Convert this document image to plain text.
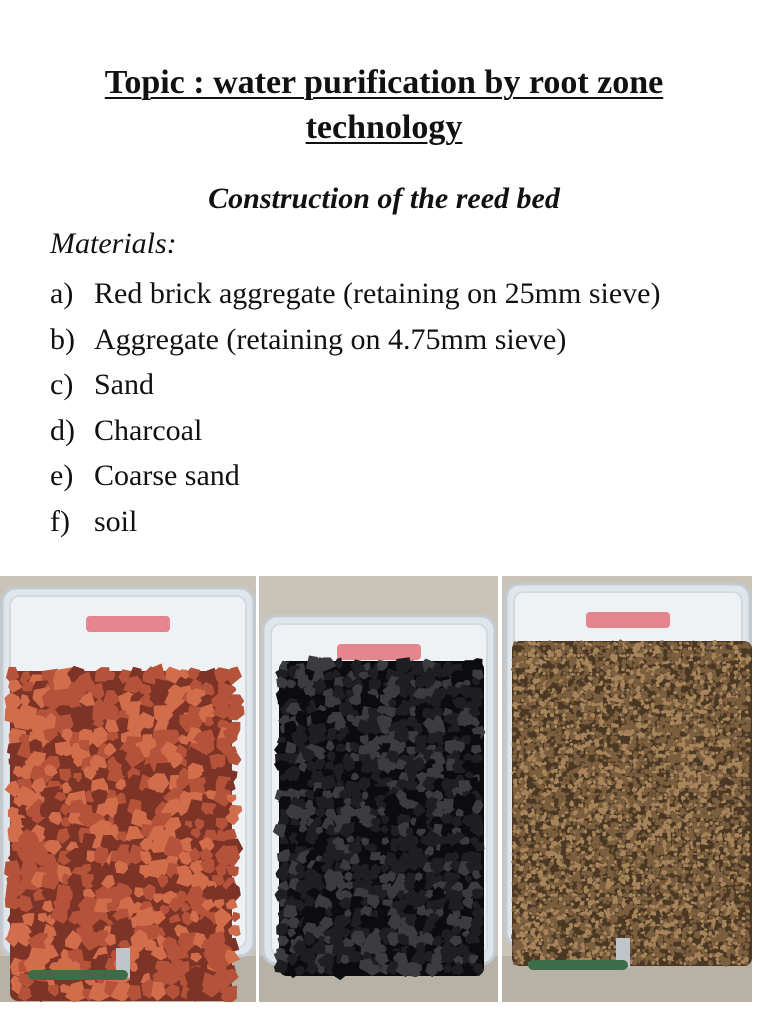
Topic : water purification by root zone technology
Construction of the reed bed
Materials:
a) Red brick aggregate (retaining on 25mm sieve)
b) Aggregate (retaining on 4.75mm sieve)
c) Sand
d) Charcoal
e) Coarse sand
f) soil
